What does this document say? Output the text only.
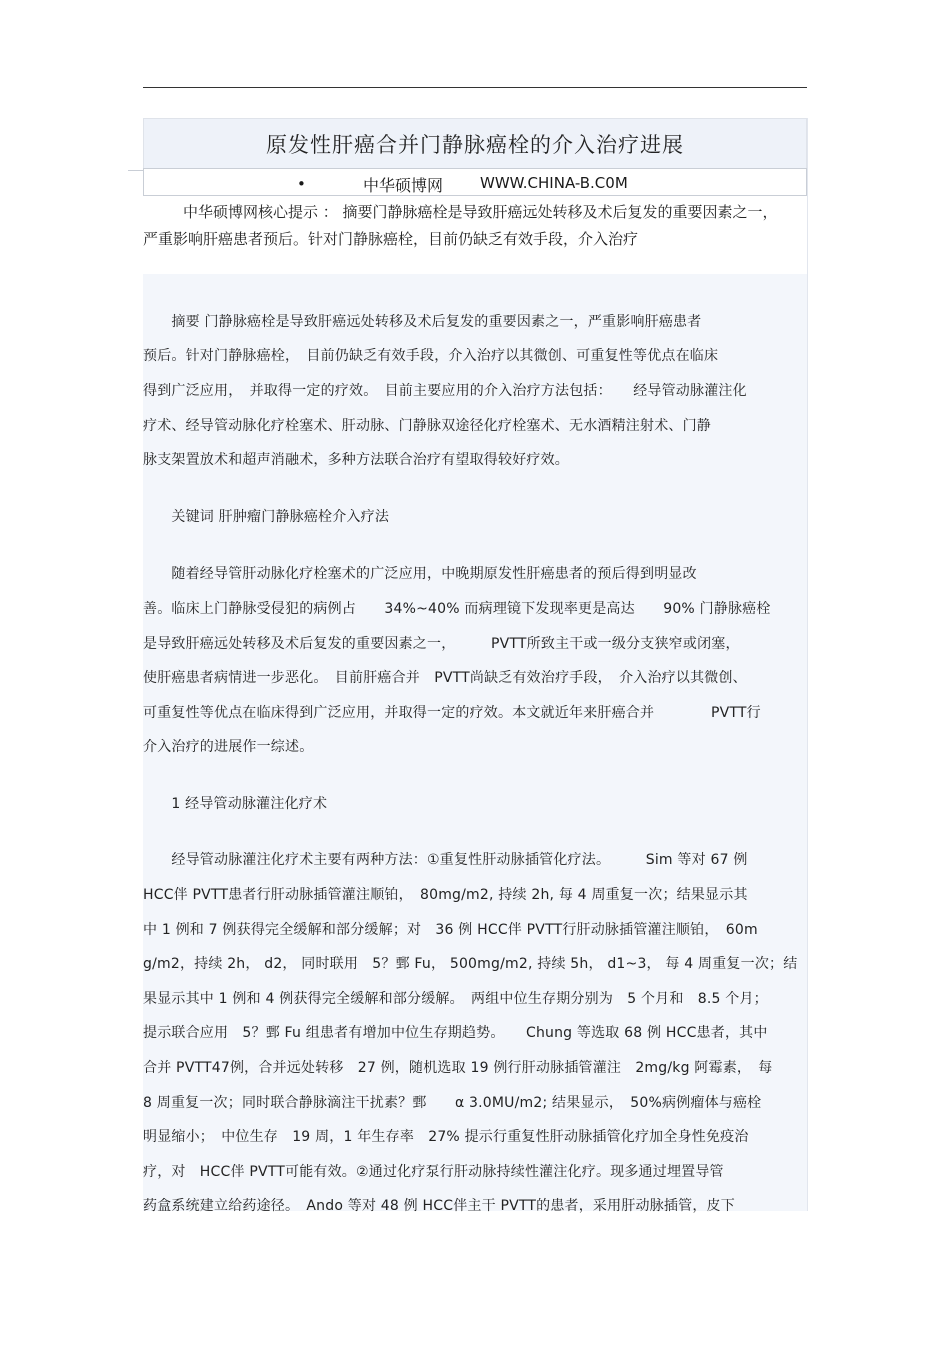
原发性肝癌合并门静脉癌栓的介入治疗进展
•	中华硕博网 WWW.CHINA-B.C0M
中华硕博网核心提示 ： 摘要门静脉癌栓是导致肝癌远处转移及术后复发的重要因素之一，严重影响肝癌患者预后。针对门静脉癌栓，目前仍缺乏有效手段，介入治疗
　　摘要 门静脉癌栓是导致肝癌远处转移及术后复发的重要因素之一，严重影响肝癌患者
预后。针对门静脉癌栓，　目前仍缺乏有效手段，介入治疗以其微创、可重复性等优点在临床
得到广泛应用，　并取得一定的疗效。　目前主要应用的介入治疗方法包括：　　经导管动脉灌注化
疗术、经导管动脉化疗栓塞术、肝动脉、门静脉双途径化疗栓塞术、无水酒精注射术、门静
脉支架置放术和超声消融术，多种方法联合治疗有望取得较好疗效。
　　关键词 肝肿瘤门静脉癌栓介入疗法
　　随着经导管肝动脉化疗栓塞术的广泛应用，中晚期原发性肝癌患者的预后得到明显改
善。临床上门静脉受侵犯的病例占　　34%~40% 而病理镜下发现率更是高达　　90% 门静脉癌栓
是导致肝癌远处转移及术后复发的重要因素之一，　　　PVTT所致主干或一级分支狭窄或闭塞，
使肝癌患者病情进一步恶化。　目前肝癌合并　PVTT尚缺乏有效治疗手段，　介入治疗以其微创、
可重复性等优点在临床得到广泛应用，并取得一定的疗效。本文就近年来肝癌合并　　　　PVTT行
介入治疗的进展作一综述。
　　1 经导管动脉灌注化疗术
　　经导管动脉灌注化疗术主要有两种方法：①重复性肝动脉插管化疗法。　　　Sim 等对 67 例
HCC伴 PVTT患者行肝动脉插管灌注顺铂，　80mg/m2, 持续 2h, 每 4 周重复一次；结果显示其
中 1 例和 7 例获得完全缓解和部分缓解；对　36 例 HCC伴 PVTT行肝动脉插管灌注顺铂，　60m
g/m2，持续 2h， d2， 同时联用　5？鄄 Fu， 500mg/m2, 持续 5h， d1~3， 每 4 周重复一次；结
果显示其中 1 例和 4 例获得完全缓解和部分缓解。　两组中位生存期分别为　5 个月和　8.5 个月；
提示联合应用　5？鄄 Fu 组患者有增加中位生存期趋势。　　Chung 等选取 68 例 HCC患者，其中
合并 PVTT47例，合并远处转移　27 例，随机选取 19 例行肝动脉插管灌注　2mg/kg 阿霉素，　每
8 周重复一次；同时联合静脉滴注干扰素？鄄　　α 3.0MU/m2; 结果显示，　50%病例瘤体与癌栓
明显缩小；　中位生存　19 周，1 年生存率　27% 提示行重复性肝动脉插管化疗加全身性免疫治
疗，对　HCC伴 PVTT可能有效。②通过化疗泵行肝动脉持续性灌注化疗。现多通过埋置导管
药盒系统建立给药途径。　Ando 等对 48 例 HCC伴主干 PVTT的患者，采用肝动脉插管，皮下
